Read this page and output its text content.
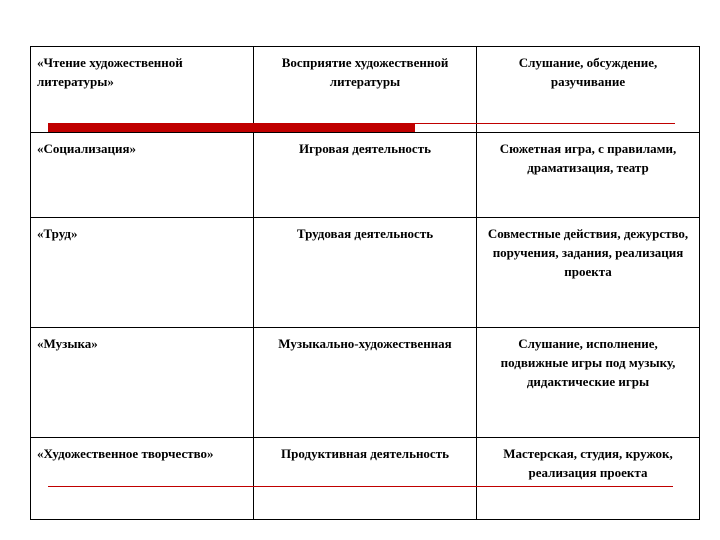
«Чтение художественной литературы»	Восприятие художественной литературы	Слушание, обсуждение, разучивание
«Социализация»	Игровая деятельность	Сюжетная игра, с правилами, драматизация, театр
«Труд»	Трудовая деятельность	Совместные действия, дежурство, поручения, задания, реализация проекта
«Музыка»	Музыкально-художественная	Слушание, исполнение, подвижные игры под музыку, дидактические игры
«Художественное творчество»	Продуктивная деятельность	Мастерская, студия, кружок, реализация проекта
